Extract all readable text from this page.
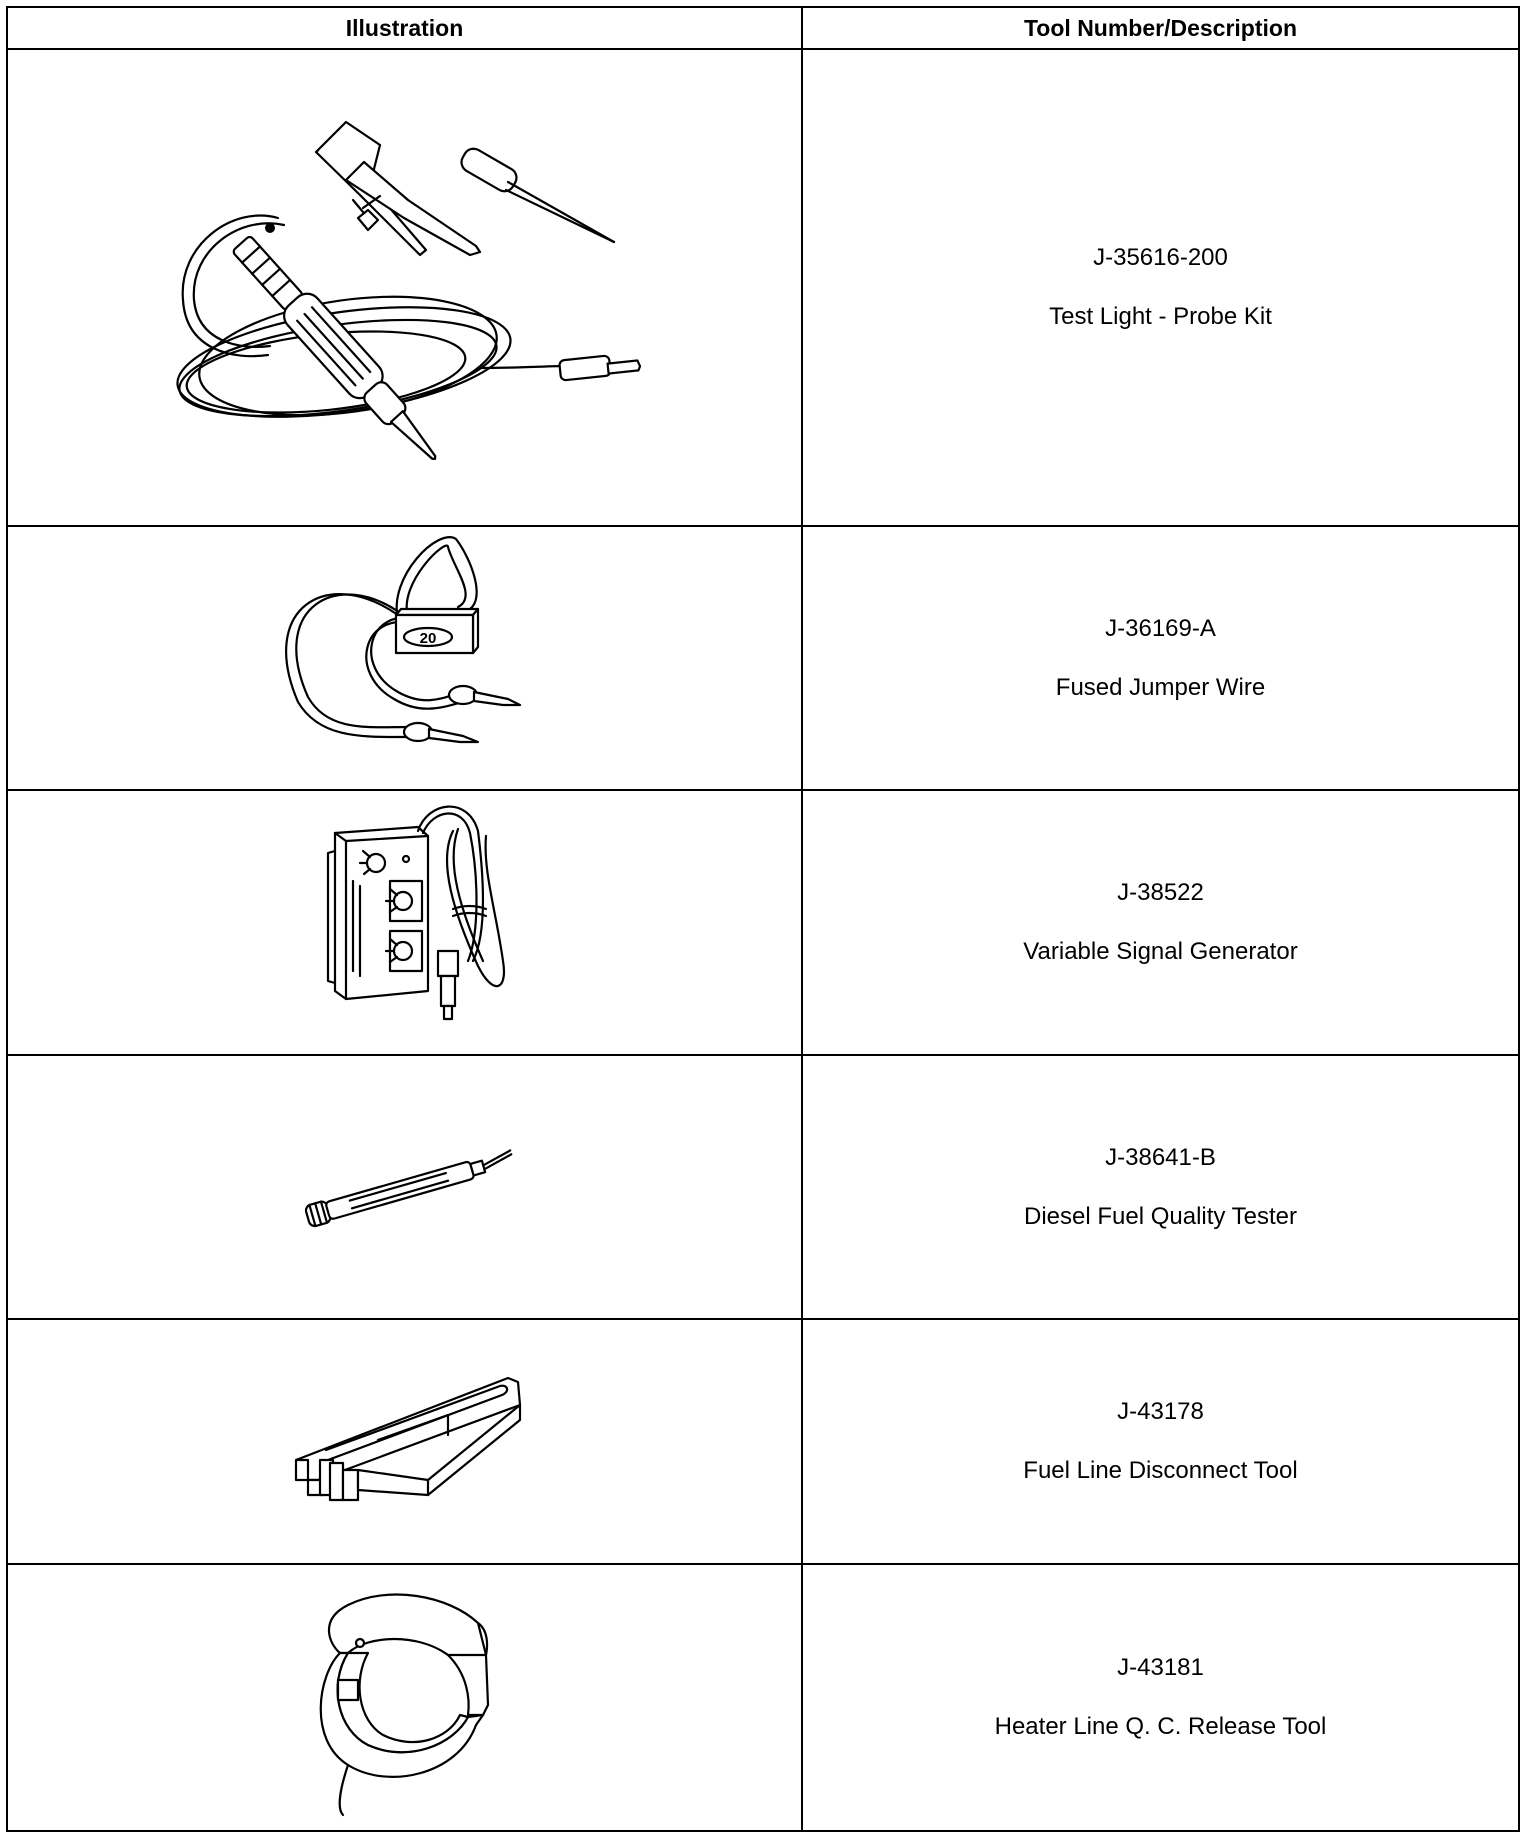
Illustration	Tool Number/Description

J-35616-200
Test Light - Probe Kit

20	J-36169-A
Fused Jumper Wire

J-38522
Variable Signal Generator

J-38641-B
Diesel Fuel Quality Tester

J-43178
Fuel Line Disconnect Tool

J-43181
Heater Line Q. C. Release Tool
